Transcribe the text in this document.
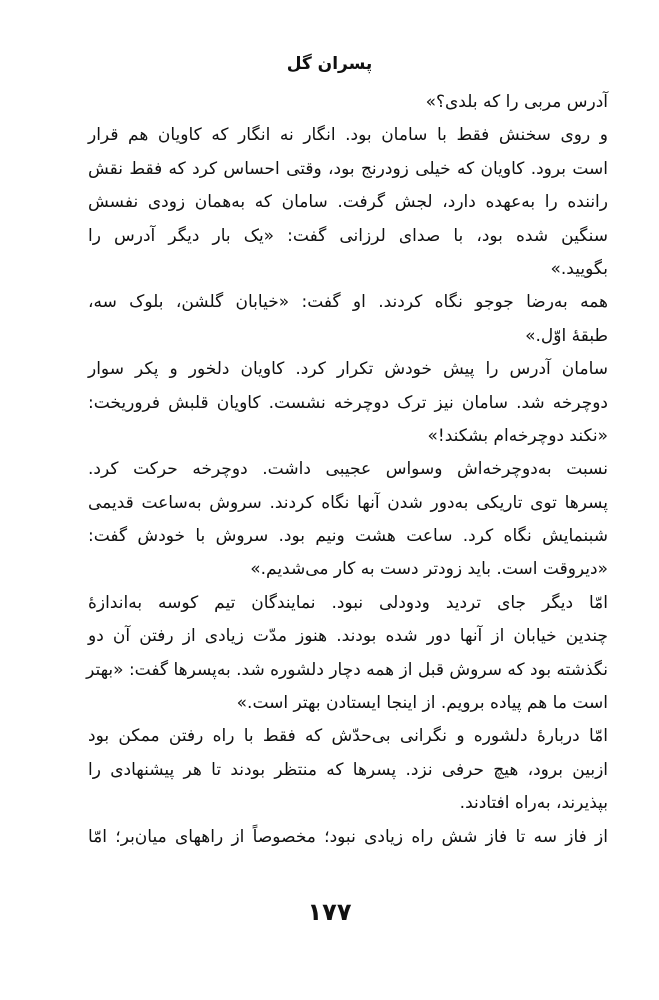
پسران گل
آدرس مربی را که بلدی؟»
و روی سخنش فقط با سامان بود. انگار نه انگار که کاویان هم قرار
است برود. کاویان که خیلی زودرنج بود، وقتی احساس کرد که فقط نقش
راننده را به‌عهده دارد، لجش گرفت. سامان که به‌همان زودی نفسش
سنگین شده بود، با صدای لرزانی گفت: «یک بار دیگر آدرس را
بگویید.»
همه به‌رضا جوجو نگاه کردند. او گفت: «خیابان گلشن، بلوک سه،
طبقهٔ اوّل.»
سامان آدرس را پیش خودش تکرار کرد. کاویان دلخور و پکر سوار
دوچرخه شد. سامان نیز ترک دوچرخه نشست. کاویان قلبش فروریخت:
«نکند دوچرخه‌ام بشکند!»
نسبت به‌دوچرخه‌اش وسواس عجیبی داشت. دوچرخه حرکت کرد.
پسرها توی تاریکی به‌دور شدن آنها نگاه کردند. سروش به‌ساعت قدیمی
شبنمایش نگاه کرد. ساعت هشت ونیم بود. سروش با خودش گفت:
«دیروقت است. باید زودتر دست به کار می‌شدیم.»
امّا دیگر جای تردید ودودلی نبود. نمایندگان تیم کوسه به‌اندازهٔ
چندین خیابان از آنها دور شده بودند. هنوز مدّت زیادی از رفتن آن دو
نگذشته بود که سروش قبل از همه دچار دلشوره شد. به‌پسرها گفت: «بهتر
است ما هم پیاده برویم. از اینجا ایستادن بهتر است.»
امّا دربارهٔ دلشوره و نگرانی بی‌حدّش که فقط با راه رفتن ممکن بود
ازبین برود، هیچ حرفی نزد. پسرها که منتظر بودند تا هر پیشنهادی را
بپذیرند، به‌راه افتادند.
از فاز سه تا فاز شش راه زیادی نبود؛ مخصوصاً از راههای میان‌بر؛ امّا
۱۷۷
